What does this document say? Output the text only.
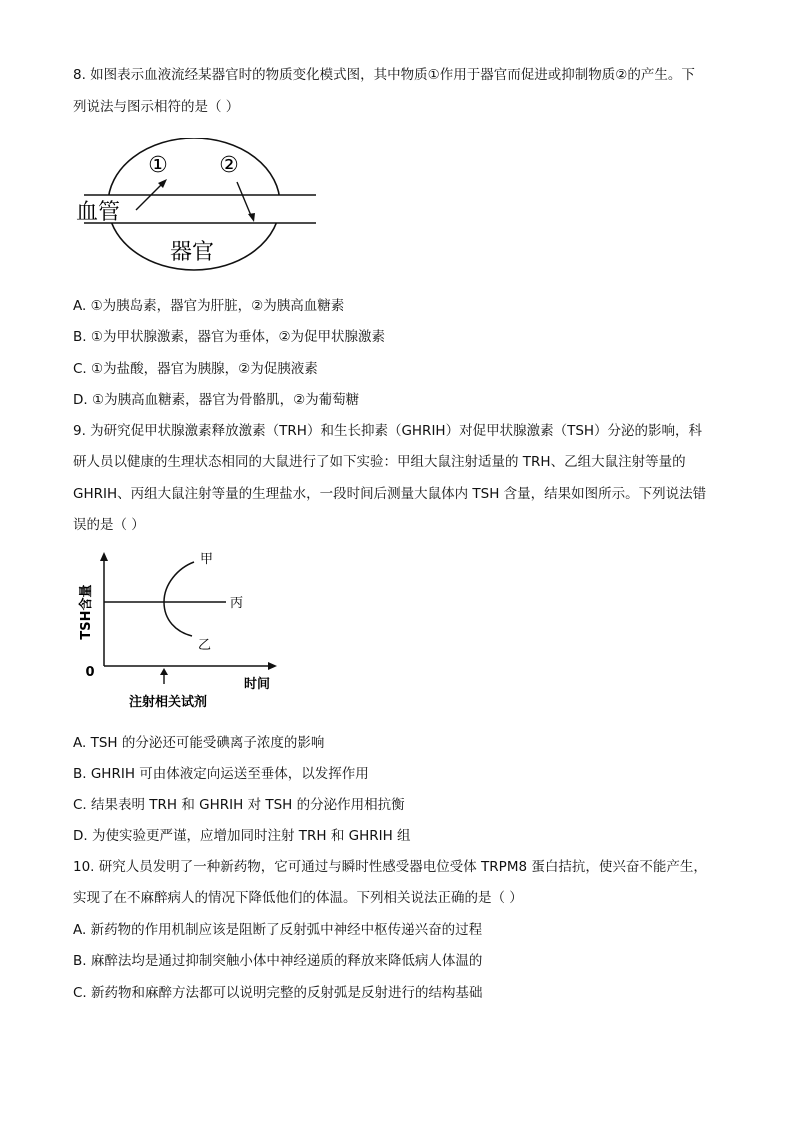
8. 如图表示血液流经某器官时的物质变化模式图，其中物质①作用于器官而促进或抑制物质②的产生。下
列说法与图示相符的是（ ）
① ②
血管
器官
A. ①为胰岛素，器官为肝脏，②为胰高血糖素
B. ①为甲状腺激素，器官为垂体，②为促甲状腺激素
C. ①为盐酸，器官为胰腺，②为促胰液素
D. ①为胰高血糖素，器官为骨骼肌，②为葡萄糖
9. 为研究促甲状腺激素释放激素（TRH）和生长抑素（GHRIH）对促甲状腺激素（TSH）分泌的影响，科
研人员以健康的生理状态相同的大鼠进行了如下实验：甲组大鼠注射适量的 TRH、乙组大鼠注射等量的
GHRIH、丙组大鼠注射等量的生理盐水，一段时间后测量大鼠体内 TSH 含量，结果如图所示。下列说法错
误的是（ ）
TSH含量
0
时间
丙
甲
乙
注射相关试剂
A. TSH 的分泌还可能受碘离子浓度的影响
B. GHRIH 可由体液定向运送至垂体，以发挥作用
C. 结果表明 TRH 和 GHRIH 对 TSH 的分泌作用相抗衡
D. 为使实验更严谨，应增加同时注射 TRH 和 GHRIH 组
10. 研究人员发明了一种新药物，它可通过与瞬时性感受器电位受体 TRPM8 蛋白拮抗，使兴奋不能产生，
实现了在不麻醉病人的情况下降低他们的体温。下列相关说法正确的是（ ）
A. 新药物的作用机制应该是阻断了反射弧中神经中枢传递兴奋的过程
B. 麻醉法均是通过抑制突触小体中神经递质的释放来降低病人体温的
C. 新药物和麻醉方法都可以说明完整的反射弧是反射进行的结构基础
